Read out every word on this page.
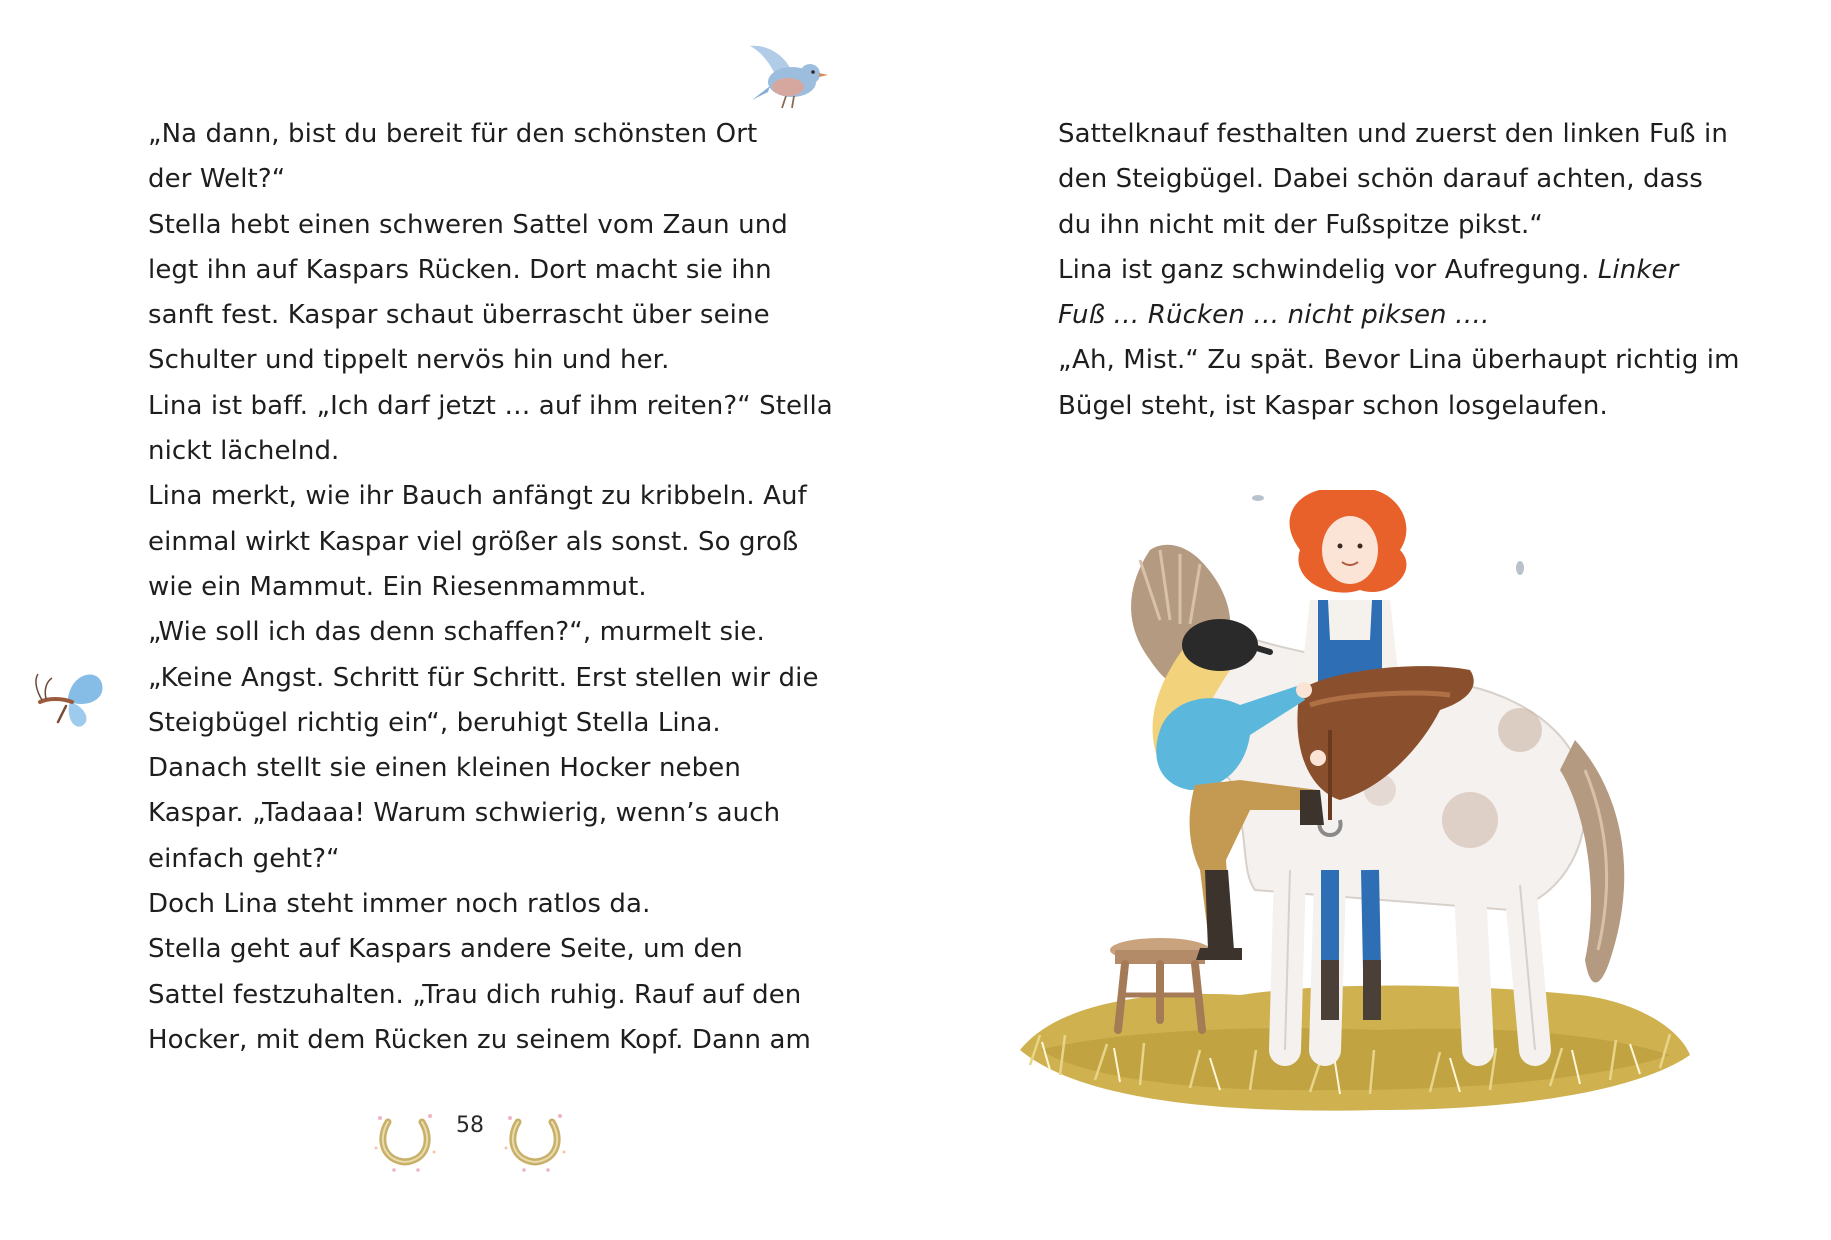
„Na dann, bist du bereit für den schönsten Ort
der Welt?“
Stella hebt einen schweren Sattel vom Zaun und
legt ihn auf Kaspars Rücken. Dort macht sie ihn
sanft fest. Kaspar schaut überrascht über seine
Schulter und tippelt nervös hin und her.
Lina ist baff. „Ich darf jetzt … auf ihm reiten?“ Stella
nickt lächelnd.
Lina merkt, wie ihr Bauch anfängt zu kribbeln. Auf
einmal wirkt Kaspar viel größer als sonst. So groß
wie ein Mammut. Ein Riesenmammut.
„Wie soll ich das denn schaffen?“, murmelt sie.
„Keine Angst. Schritt für Schritt. Erst stellen wir die
Steigbügel richtig ein“, beruhigt Stella Lina.
Danach stellt sie einen kleinen Hocker neben
Kaspar. „Tadaaa! Warum schwierig, wenn’s auch
einfach geht?“
Doch Lina steht immer noch ratlos da.
Stella geht auf Kaspars andere Seite, um den
Sattel festzuhalten. „Trau dich ruhig. Rauf auf den
Hocker, mit dem Rücken zu seinem Kopf. Dann am
58
Sattelknauf festhalten und zuerst den linken Fuß in
den Steigbügel. Dabei schön darauf achten, dass
du ihn nicht mit der Fußspitze pikst.“
Lina ist ganz schwindelig vor Aufregung. Linker
Fuß … Rücken … nicht piksen ….
„Ah, Mist.“ Zu spät. Bevor Lina überhaupt richtig im
Bügel steht, ist Kaspar schon losgelaufen.
